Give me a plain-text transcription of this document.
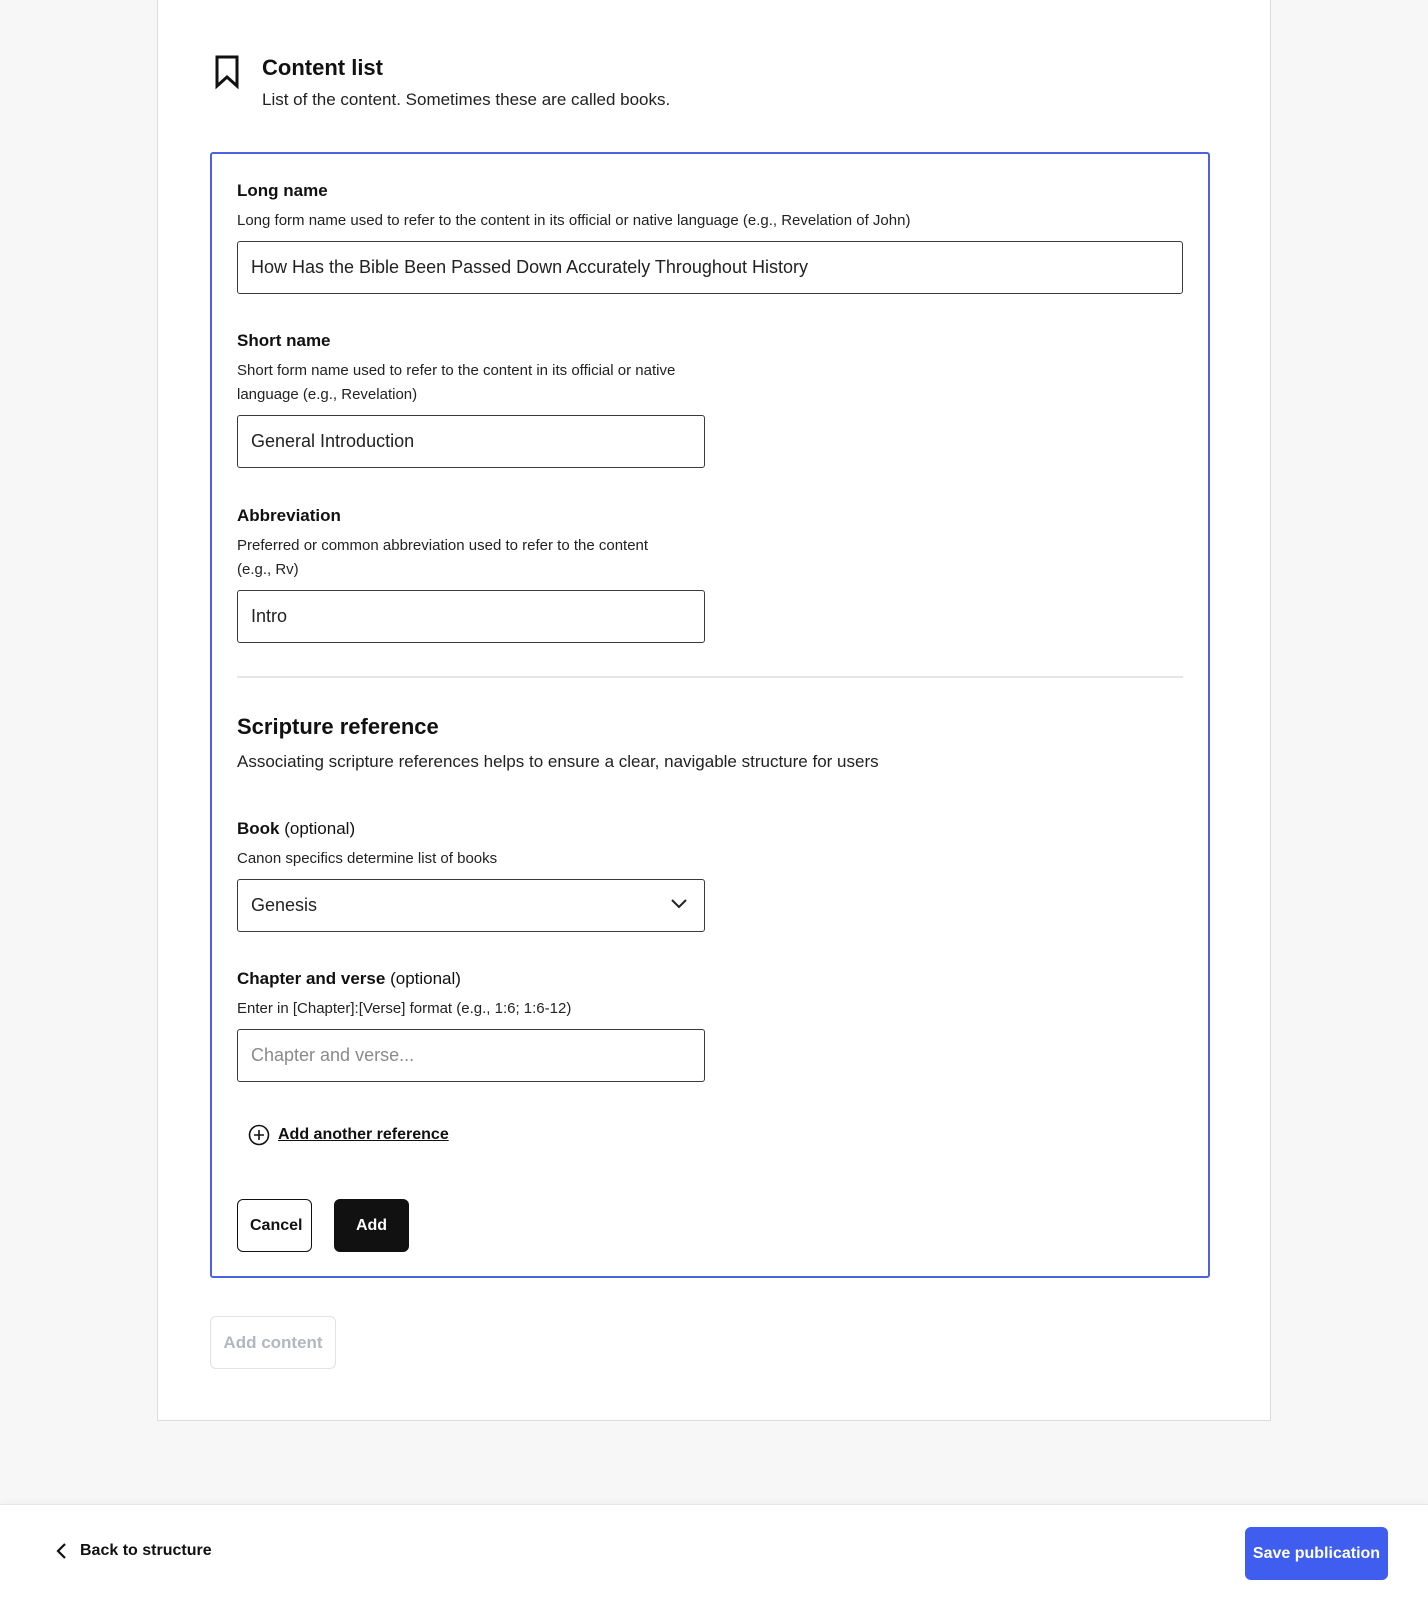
Content list
List of the content. Sometimes these are called books.
Long name
Long form name used to refer to the content in its official or native language (e.g., Revelation of John)
How Has the Bible Been Passed Down Accurately Throughout History
Short name
Short form name used to refer to the content in its official or native
language (e.g., Revelation)
General Introduction
Abbreviation
Preferred or common abbreviation used to refer to the content
(e.g., Rv)
Intro
Scripture reference
Associating scripture references helps to ensure a clear, navigable structure for users
Book (optional)
Canon specifics determine list of books
Genesis
Chapter and verse (optional)
Enter in [Chapter]:[Verse] format (e.g., 1:6; 1:6-12)
Chapter and verse...
Add another reference
Cancel	Add
Add content
Back to structure	Save publication
